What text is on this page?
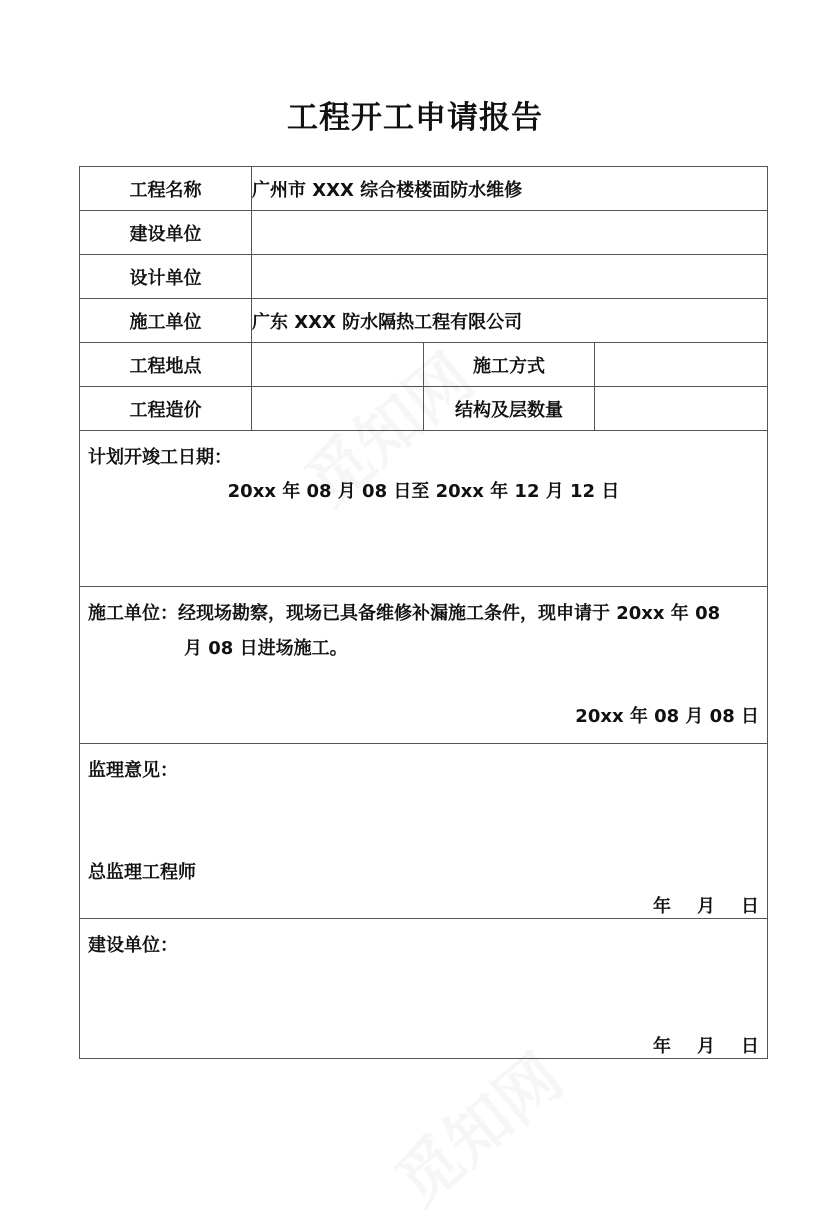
工程开工申请报告
工程名称	广州市 XXX 综合楼楼面防水维修		
建设单位			
设计单位			
施工单位	广东 XXX 防水隔热工程有限公司		
工程地点		施工方式	
工程造价		结构及层数量	

计划开竣工日期：
20xx 年 08 月 08 日至 20xx 年 12 月 12 日			

施工单位：经现场勘察，现场已具备维修补漏施工条件，现申请于 20xx 年 08
月 08 日进场施工。
20xx 年 08 月 08 日			

监理意见：
总监理工程师
年 月 日			

建设单位：
年 月 日			
